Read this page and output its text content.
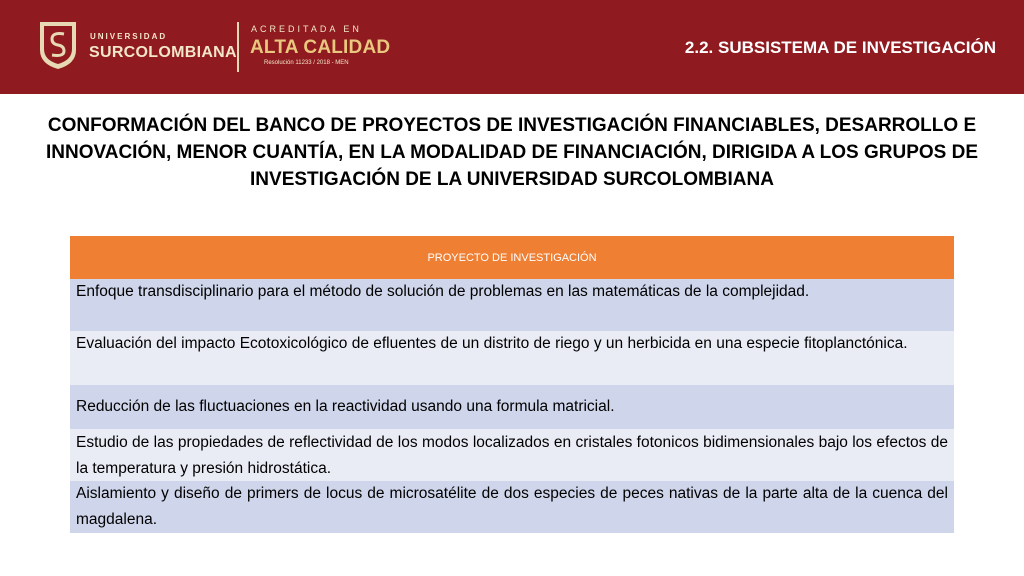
UNIVERSIDAD
SURCOLOMBIANA
ACREDITADA EN
ALTA CALIDAD
Resolución 11233 / 2018 - MEN
2.2. SUBSISTEMA DE INVESTIGACIÓN
CONFORMACIÓN DEL BANCO DE PROYECTOS DE INVESTIGACIÓN FINANCIABLES, DESARROLLO E INNOVACIÓN, MENOR CUANTÍA, EN LA MODALIDAD DE FINANCIACIÓN, DIRIGIDA A LOS GRUPOS DE INVESTIGACIÓN DE LA UNIVERSIDAD SURCOLOMBIANA
PROYECTO DE INVESTIGACIÓN
Enfoque transdisciplinario para el método de solución de problemas en las matemáticas de la complejidad.
Evaluación del impacto Ecotoxicológico de efluentes de un distrito de riego y un herbicida en una especie fitoplanctónica.
Reducción de las fluctuaciones en la reactividad usando una formula matricial.
Estudio de las propiedades de reflectividad de los modos localizados en cristales fotonicos bidimensionales bajo los efectos de la temperatura y presión hidrostática.
Aislamiento y diseño de primers de locus de microsatélite de dos especies de peces nativas de la parte alta de la cuenca del magdalena.
